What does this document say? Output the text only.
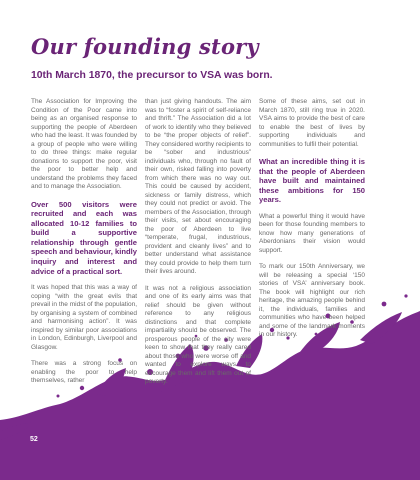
Our founding story
10th March 1870, the precursor to VSA was born.

The Association for Improving the Condition of the Poor came into being as an organised response to supporting the people of Aberdeen who had the least. It was founded by a group of people who were willing to do three things: make regular donations to support the poor, visit the poor to better help and understand the problems they faced and to manage the Association.

Over 500 visitors were recruited and each was allocated 10-12 families to build a supportive relationship through gentle speech and behaviour, kindly inquiry and interest and advice of a practical sort.

It was hoped that this was a way of coping “with the great evils that prevail in the midst of the population, by organising a system of combined and harmonising action”. It was inspired by similar poor associations in London, Edinburgh, Liverpool and Glasgow.

There was a strong focus on enabling the poor to help themselves, rather

than just giving handouts. The aim was to “foster a spirit of self-reliance and thrift.” The Association did a lot of work to identify who they believed to be “the proper objects of relief”. They considered worthy recipients to be “sober and industrious” individuals who, through no fault of their own, risked falling into poverty from which there was no way out. This could be caused by accident, sickness or family distress, which they could not predict or avoid. The members of the Association, through their visits, set about encouraging the poor of Aberdeen to live “temperate, frugal, industrious, provident and cleanly lives” and to better understand what assistance they could provide to help them turn their lives around.

It was not a religious association and one of its early aims was that relief should be given without reference to any religious distinctions and that complete impartiality should be observed. The prosperous people of the city were keen to show that they really cared about those who were worse off and wanted to explore ways to encourage them and lift them out of poverty.

Some of these aims, set out in March 1870, still ring true in 2020. VSA aims to provide the best of care to enable the best of lives by supporting individuals and communities to fulfil their potential.

What an incredible thing it is that the people of Aberdeen have built and maintained these ambitions for 150 years.

What a powerful thing it would have been for those founding members to know how many generations of Aberdonians their vision would support.

To mark our 150th Anniversary, we will be releasing a special ‘150 stories of VSA’ anniversary book. The book will highlight our rich heritage, the amazing people behind it, the individuals, families and communities who have been helped and some of the landmark moments in our history.

52
